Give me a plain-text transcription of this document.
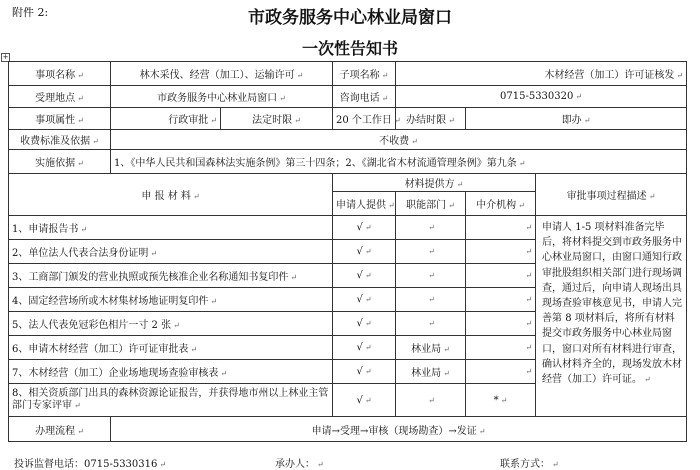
附件 2:	市政务服务中心林业局窗口
一次性告知书
+
事项名称 ↵	林木采伐、经营（加工）、运输许可 ↵		子项名称 ↵	木材经营（加工）许可证核发 ↵		
受理地点 ↵	市政务服务中心林业局窗口 ↵		咨询电话 ↵	0715-5330320 ↵		
事项属性 ↵	行政审批 ↵	法定时限 ↵	20 个工作日 ↵	办结时限 ↵	即办 ↵	
收费标准及依据 ↵	不收费 ↵					
实施依据 ↵	1、《中华人民共和国森林法实施条例》第三十四条；2、《湖北省木材流通管理条例》第九条 ↵					
申 报 材 料 ↵			材料提供方 ↵			审批事项过程描述 ↵
			申请人提供 ↵	职能部门 ↵	中介机构 ↵	
1、申请报告书 ↵			√ ↵	↵	↵	申请人 1-5 项材料准备完毕后，将材料提交到市政务服务中心林业局窗口，由窗口通知行政审批股组织相关部门进行现场调查，通过后，向申请人现场出具现场查验审核意见书，申请人完善第 8 项材料后，将所有材料提交市政务服务中心林业局窗口，窗口对所有材料进行审查，确认材料齐全的，现场发放木材经营（加工）许可证。 ↵
2、单位法人代表合法身份证明 ↵			√ ↵	↵	↵	
3、工商部门颁发的营业执照或预先核准企业名称通知书复印件 ↵			√ ↵	↵	↵	
4、固定经营场所或木材集材场地证明复印件 ↵			√ ↵	↵	↵	
5、法人代表免冠彩色相片一寸 2 张 ↵			√ ↵	↵	↵	
6、申请木材经营（加工）许可证审批表 ↵			√ ↵	林业局 ↵	↵	
7、木材经营（加工）企业场地现场查验审核表 ↵			√ ↵	林业局 ↵	↵	
8、相关资质部门出具的森林资源论证报告，并获得地市州以上林业主管部门专家评审 ↵			√ ↵	↵	* ↵	
办理流程 ↵	申请→受理→审核（现场勘查）→发证 ↵					
投诉监督电话：0715-5330316 ↵	承办人： ↵	联系方式： ↵
